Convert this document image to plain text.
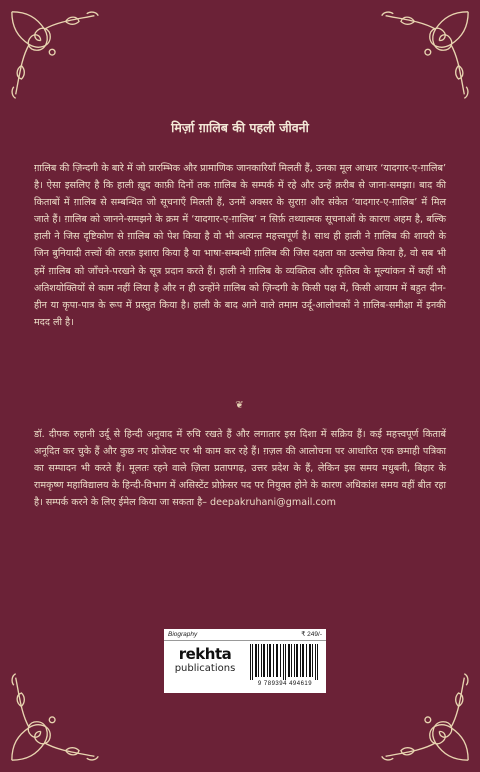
मिर्ज़ा ग़ालिब की पहली जीवनी

ग़ालिब की ज़िन्दगी के बारे में जो प्रारम्भिक और प्रामाणिक जानकारियाँ मिलती हैं, उनका मूल आधार ‘यादगार-ए-ग़ालिब’ है। ऐसा इसलिए है कि हाली ख़ुद काफ़ी दिनों तक ग़ालिब के सम्पर्क में रहे और उन्हें क़रीब से जाना-समझा। बाद की किताबों में ग़ालिब से सम्बन्धित जो सूचनाएँ मिलती हैं, उनमें अक्सर के सुराग़ और संकेत ‘यादगार-ए-ग़ालिब’ में मिल जाते हैं। ग़ालिब को जानने-समझने के क्रम में ‘यादगार-ए-ग़ालिब’ न सिर्फ़ तथ्यात्मक सूचनाओं के कारण अहम है, बल्कि हाली ने जिस दृष्टिकोण से ग़ालिब को पेश किया है वो भी अत्यन्त महत्त्वपूर्ण है। साथ ही हाली ने ग़ालिब की शायरी के जिन बुनियादी तत्त्वों की तरफ़ इशारा किया है या भाषा-सम्बन्धी ग़ालिब की जिस दक्षता का उल्लेख किया है, वो सब भी हमें ग़ालिब को जाँचने-परखने के सूत्र प्रदान करते हैं। हाली ने ग़ालिब के व्यक्तित्व और कृतित्व के मूल्यांकन में कहीं भी अतिशयोक्तियों से काम नहीं लिया है और न ही उन्होंने ग़ालिब को ज़िन्दगी के किसी पक्ष में, किसी आयाम में बहुत दीन-हीन या कृपा-पात्र के रूप में प्रस्तुत किया है। हाली के बाद आने वाले तमाम उर्दू-आलोचकों ने ग़ालिब-समीक्षा में इनकी मदद ली है।

❦

डॉ. दीपक रुहानी उर्दू से हिन्दी अनुवाद में रुचि रखते हैं और लगातार इस दिशा में सक्रिय हैं। कई महत्त्वपूर्ण किताबें अनूदित कर चुके हैं और कुछ नए प्रोजेक्ट पर भी काम कर रहे हैं। ग़ज़ल की आलोचना पर आधारित एक छमाही पत्रिका का सम्पादन भी करते हैं। मूलतः रहने वाले ज़िला प्रतापगढ़, उत्तर प्रदेश के हैं, लेकिन इस समय मधुबनी, बिहार के रामकृष्ण महाविद्यालय के हिन्दी-विभाग में असिस्टेंट प्रोफ़ेसर पद पर नियुक्त होने के कारण अधिकांश समय वहीं बीत रहा है। सम्पर्क करने के लिए ईमेल किया जा सकता है– deepakruhani@gmail.com

Biography	₹ 249/-
rekhta
publications
9 789394 494619
